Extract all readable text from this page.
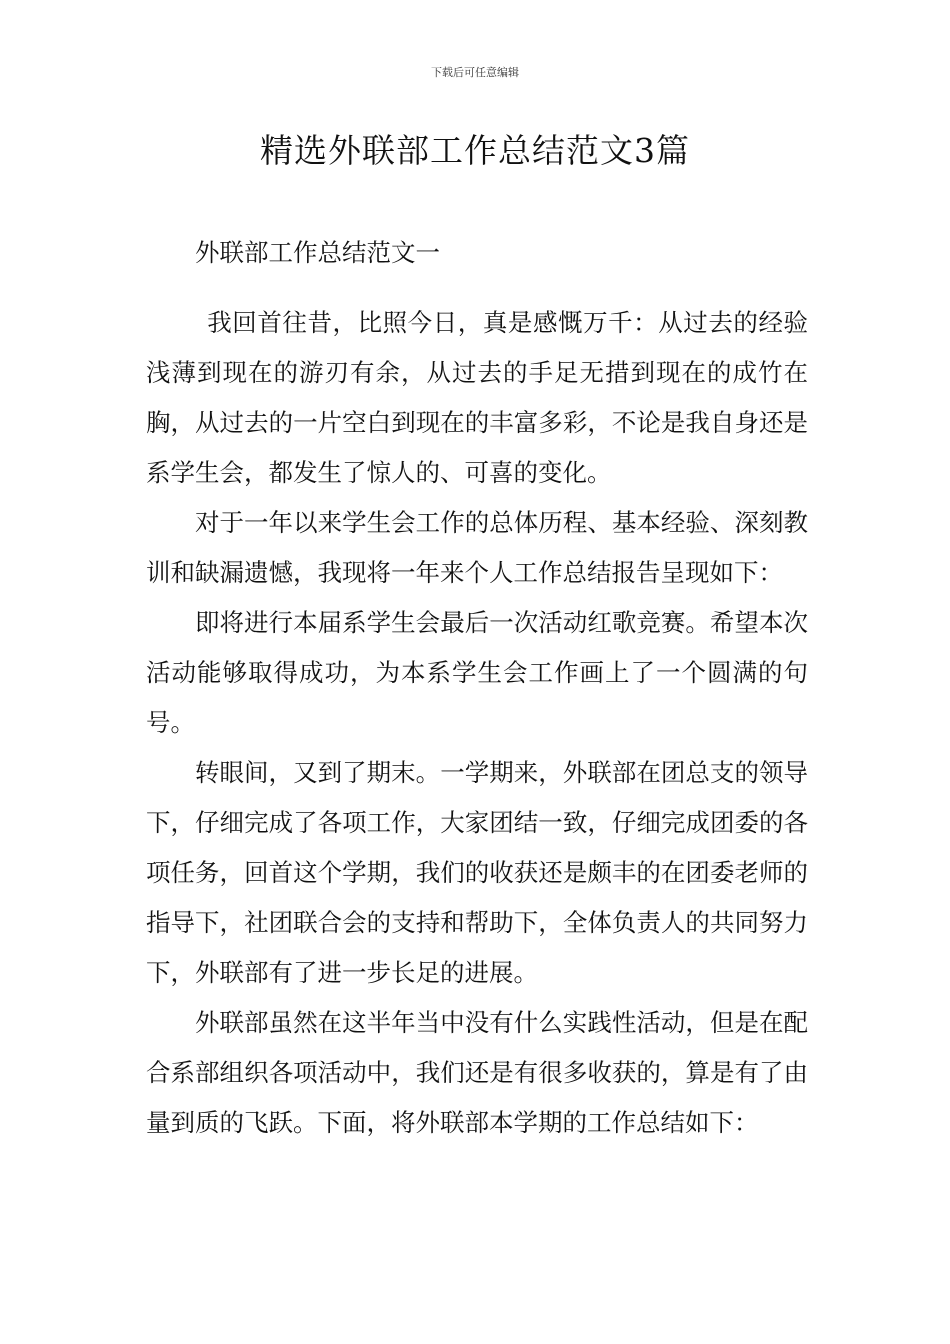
下载后可任意编辑
精选外联部工作总结范文3篇

外联部工作总结范文一

我回首往昔，比照今日，真是感慨万千：从过去的经验浅薄到现在的游刃有余，从过去的手足无措到现在的成竹在胸，从过去的一片空白到现在的丰富多彩，不论是我自身还是系学生会，都发生了惊人的、可喜的变化。

对于一年以来学生会工作的总体历程、基本经验、深刻教训和缺漏遗憾，我现将一年来个人工作总结报告呈现如下：

即将进行本届系学生会最后一次活动红歌竞赛。希望本次活动能够取得成功，为本系学生会工作画上了一个圆满的句号。

转眼间，又到了期末。一学期来，外联部在团总支的领导下，仔细完成了各项工作，大家团结一致，仔细完成团委的各项任务，回首这个学期，我们的收获还是颇丰的在团委老师的指导下，社团联合会的支持和帮助下，全体负责人的共同努力下，外联部有了进一步长足的进展。

外联部虽然在这半年当中没有什么实践性活动，但是在配合系部组织各项活动中，我们还是有很多收获的，算是有了由量到质的飞跃。下面，将外联部本学期的工作总结如下：
